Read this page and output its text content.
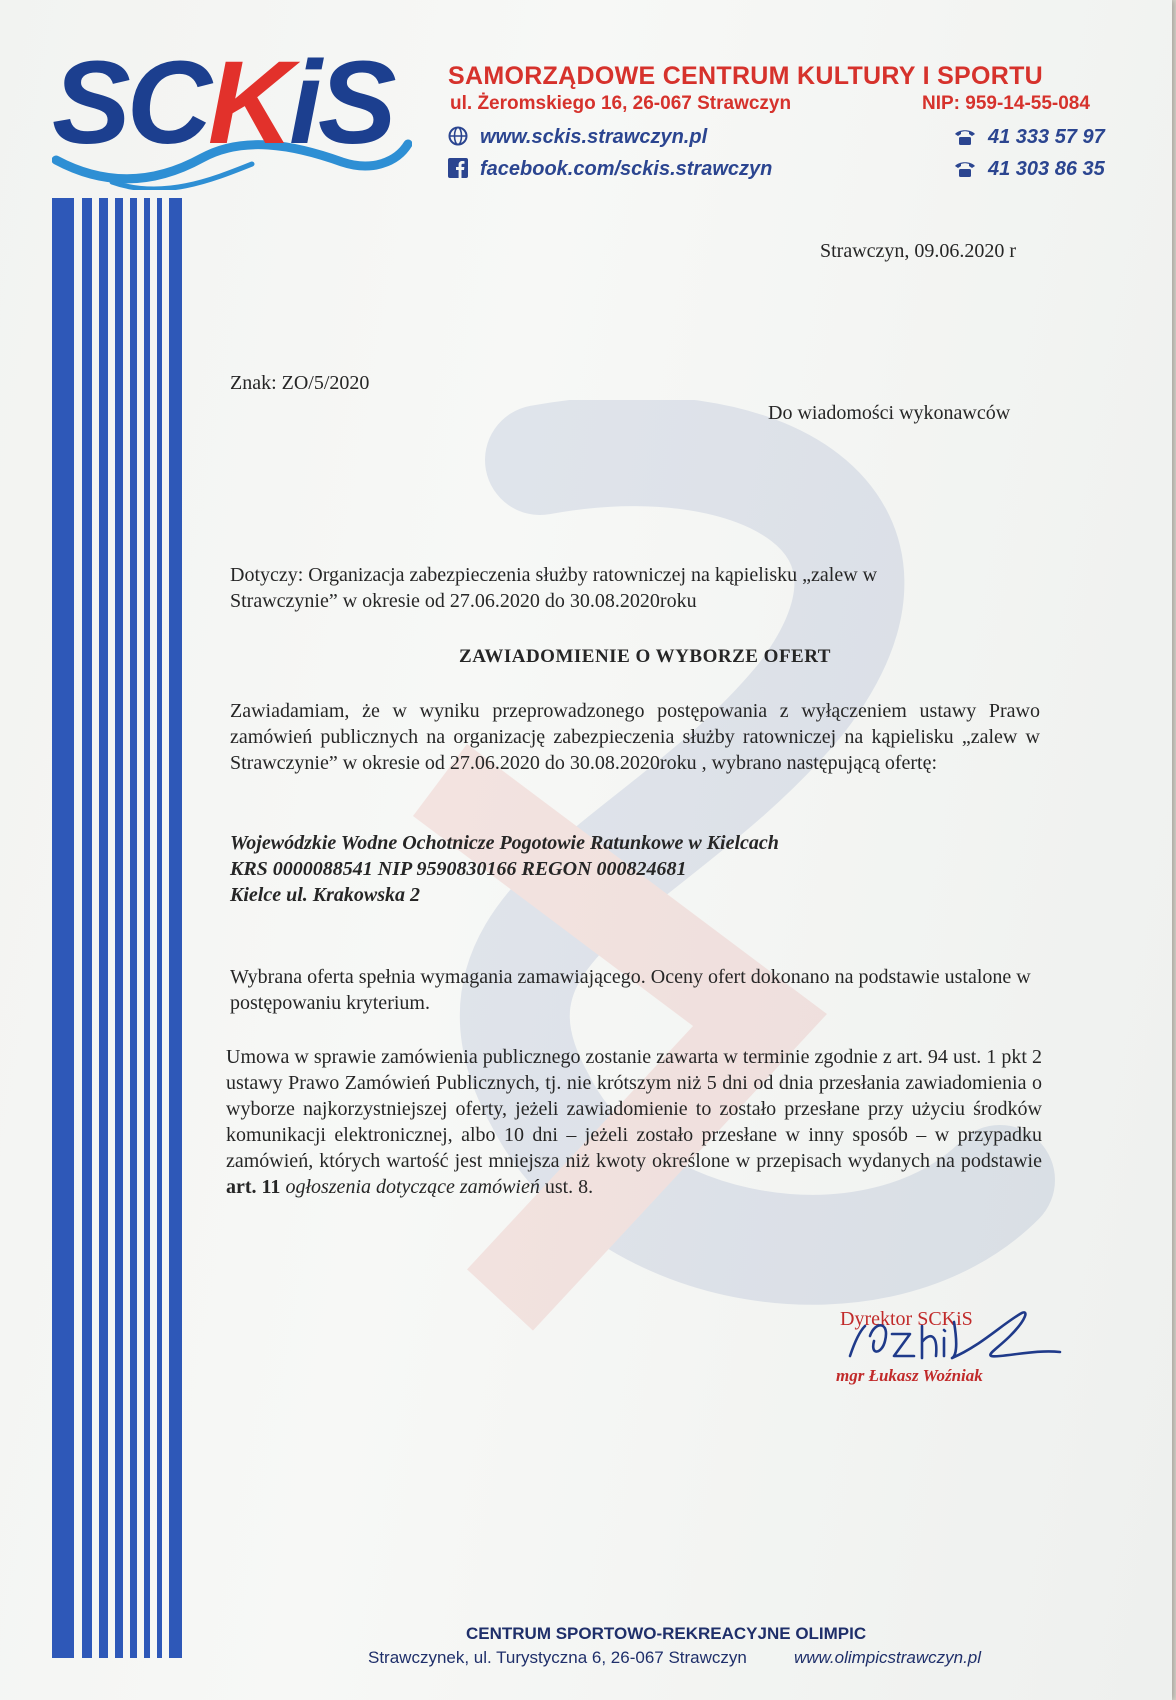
SCKiS SAMORZĄDOWE CENTRUM KULTURY I SPORTU
ul. Żeromskiego 16, 26-067 Strawczyn	NIP: 959-14-55-084
www.sckis.strawczyn.pl
facebook.com/sckis.strawczyn
41 333 57 97
41 303 86 35
Strawczyn, 09.06.2020 r
Znak: ZO/5/2020
Do wiadomości wykonawców
Dotyczy: Organizacja zabezpieczenia służby ratowniczej na kąpielisku „zalew w Strawczynie” w okresie od 27.06.2020 do 30.08.2020roku
ZAWIADOMIENIE O WYBORZE OFERT
Zawiadamiam, że w wyniku przeprowadzonego postępowania z wyłączeniem ustawy Prawo zamówień publicznych na organizację zabezpieczenia służby ratowniczej na kąpielisku „zalew w Strawczynie” w okresie od 27.06.2020 do 30.08.2020roku , wybrano następującą ofertę:
Wojewódzkie Wodne Ochotnicze Pogotowie Ratunkowe w Kielcach
KRS 0000088541 NIP 9590830166 REGON 000824681
Kielce ul. Krakowska 2
Wybrana oferta spełnia wymagania zamawiającego. Oceny ofert dokonano na podstawie ustalone w postępowaniu kryterium.
Umowa w sprawie zamówienia publicznego zostanie zawarta w terminie zgodnie z art. 94 ust. 1 pkt 2 ustawy Prawo Zamówień Publicznych, tj. nie krótszym niż 5 dni od dnia przesłania zawiadomienia o wyborze najkorzystniejszej oferty, jeżeli zawiadomienie to zostało przesłane przy użyciu środków komunikacji elektronicznej, albo 10 dni – jeżeli zostało przesłane w inny sposób – w przypadku zamówień, których wartość jest mniejsza niż kwoty określone w przepisach wydanych na podstawie art. 11 ogłoszenia dotyczące zamówień ust. 8.
Dyrektor SCKiS
mgr Łukasz Woźniak
CENTRUM SPORTOWO-REKREACYJNE OLIMPIC
Strawczynek, ul. Turystyczna 6, 26-067 Strawczyn	www.olimpicstrawczyn.pl
